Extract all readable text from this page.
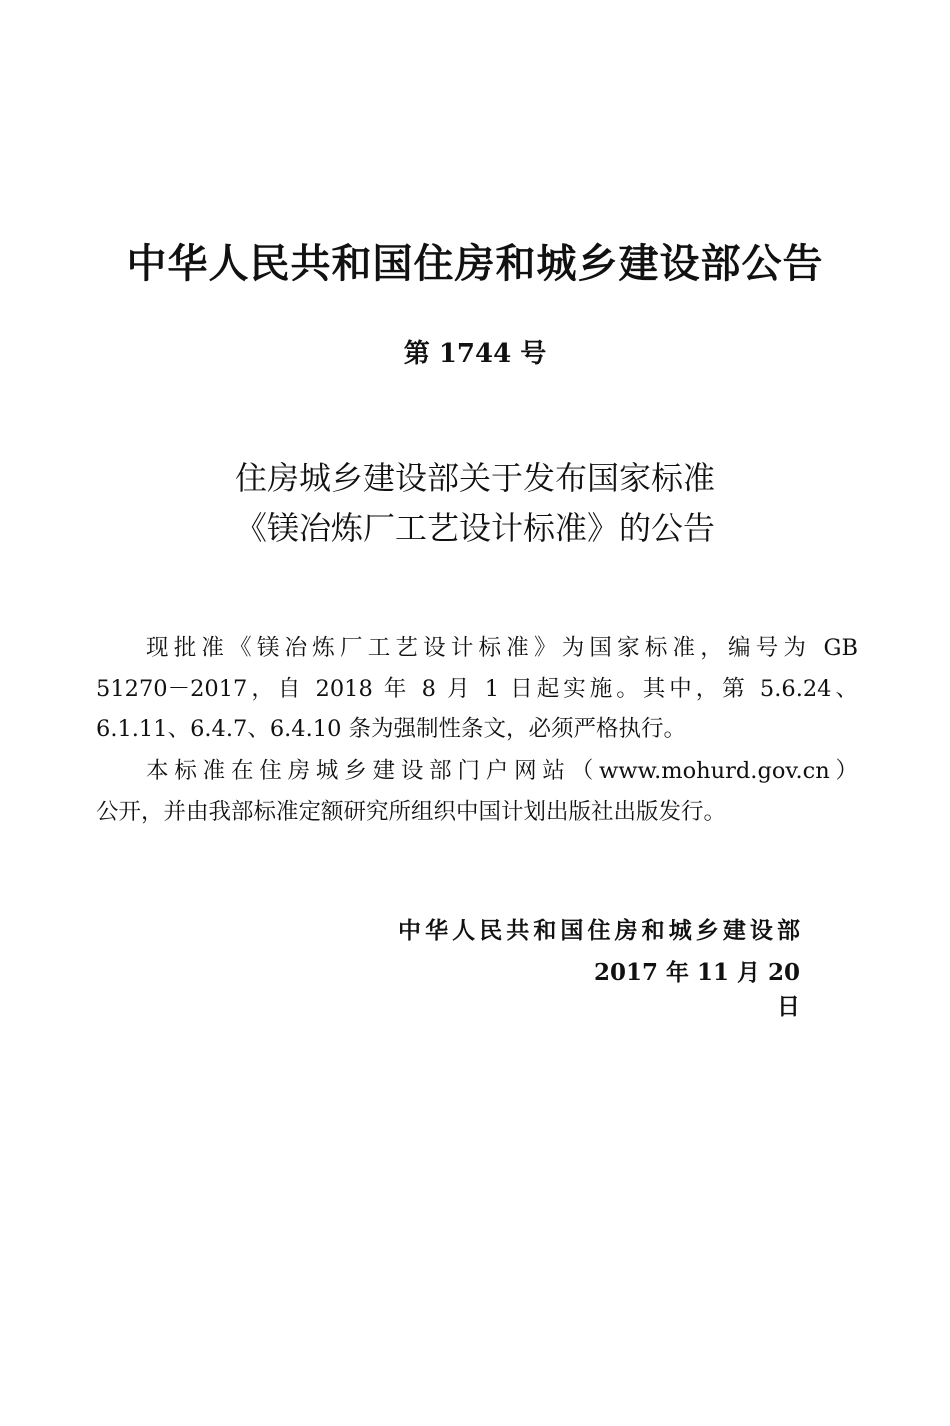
中华人民共和国住房和城乡建设部公告
第 1744 号
住房城乡建设部关于发布国家标准
《镁冶炼厂工艺设计标准》的公告
现批准《镁冶炼厂工艺设计标准》为国家标准，编号为 GB
51270－2017，自 2018 年 8 月 1 日起实施。其中，第 5.6.24、
6.1.11、6.4.7、6.4.10 条为强制性条文，必须严格执行。
本标准在住房城乡建设部门户网站（www.mohurd.gov.cn）
公开，并由我部标准定额研究所组织中国计划出版社出版发行。
中华人民共和国住房和城乡建设部
2017 年 11 月 20 日
